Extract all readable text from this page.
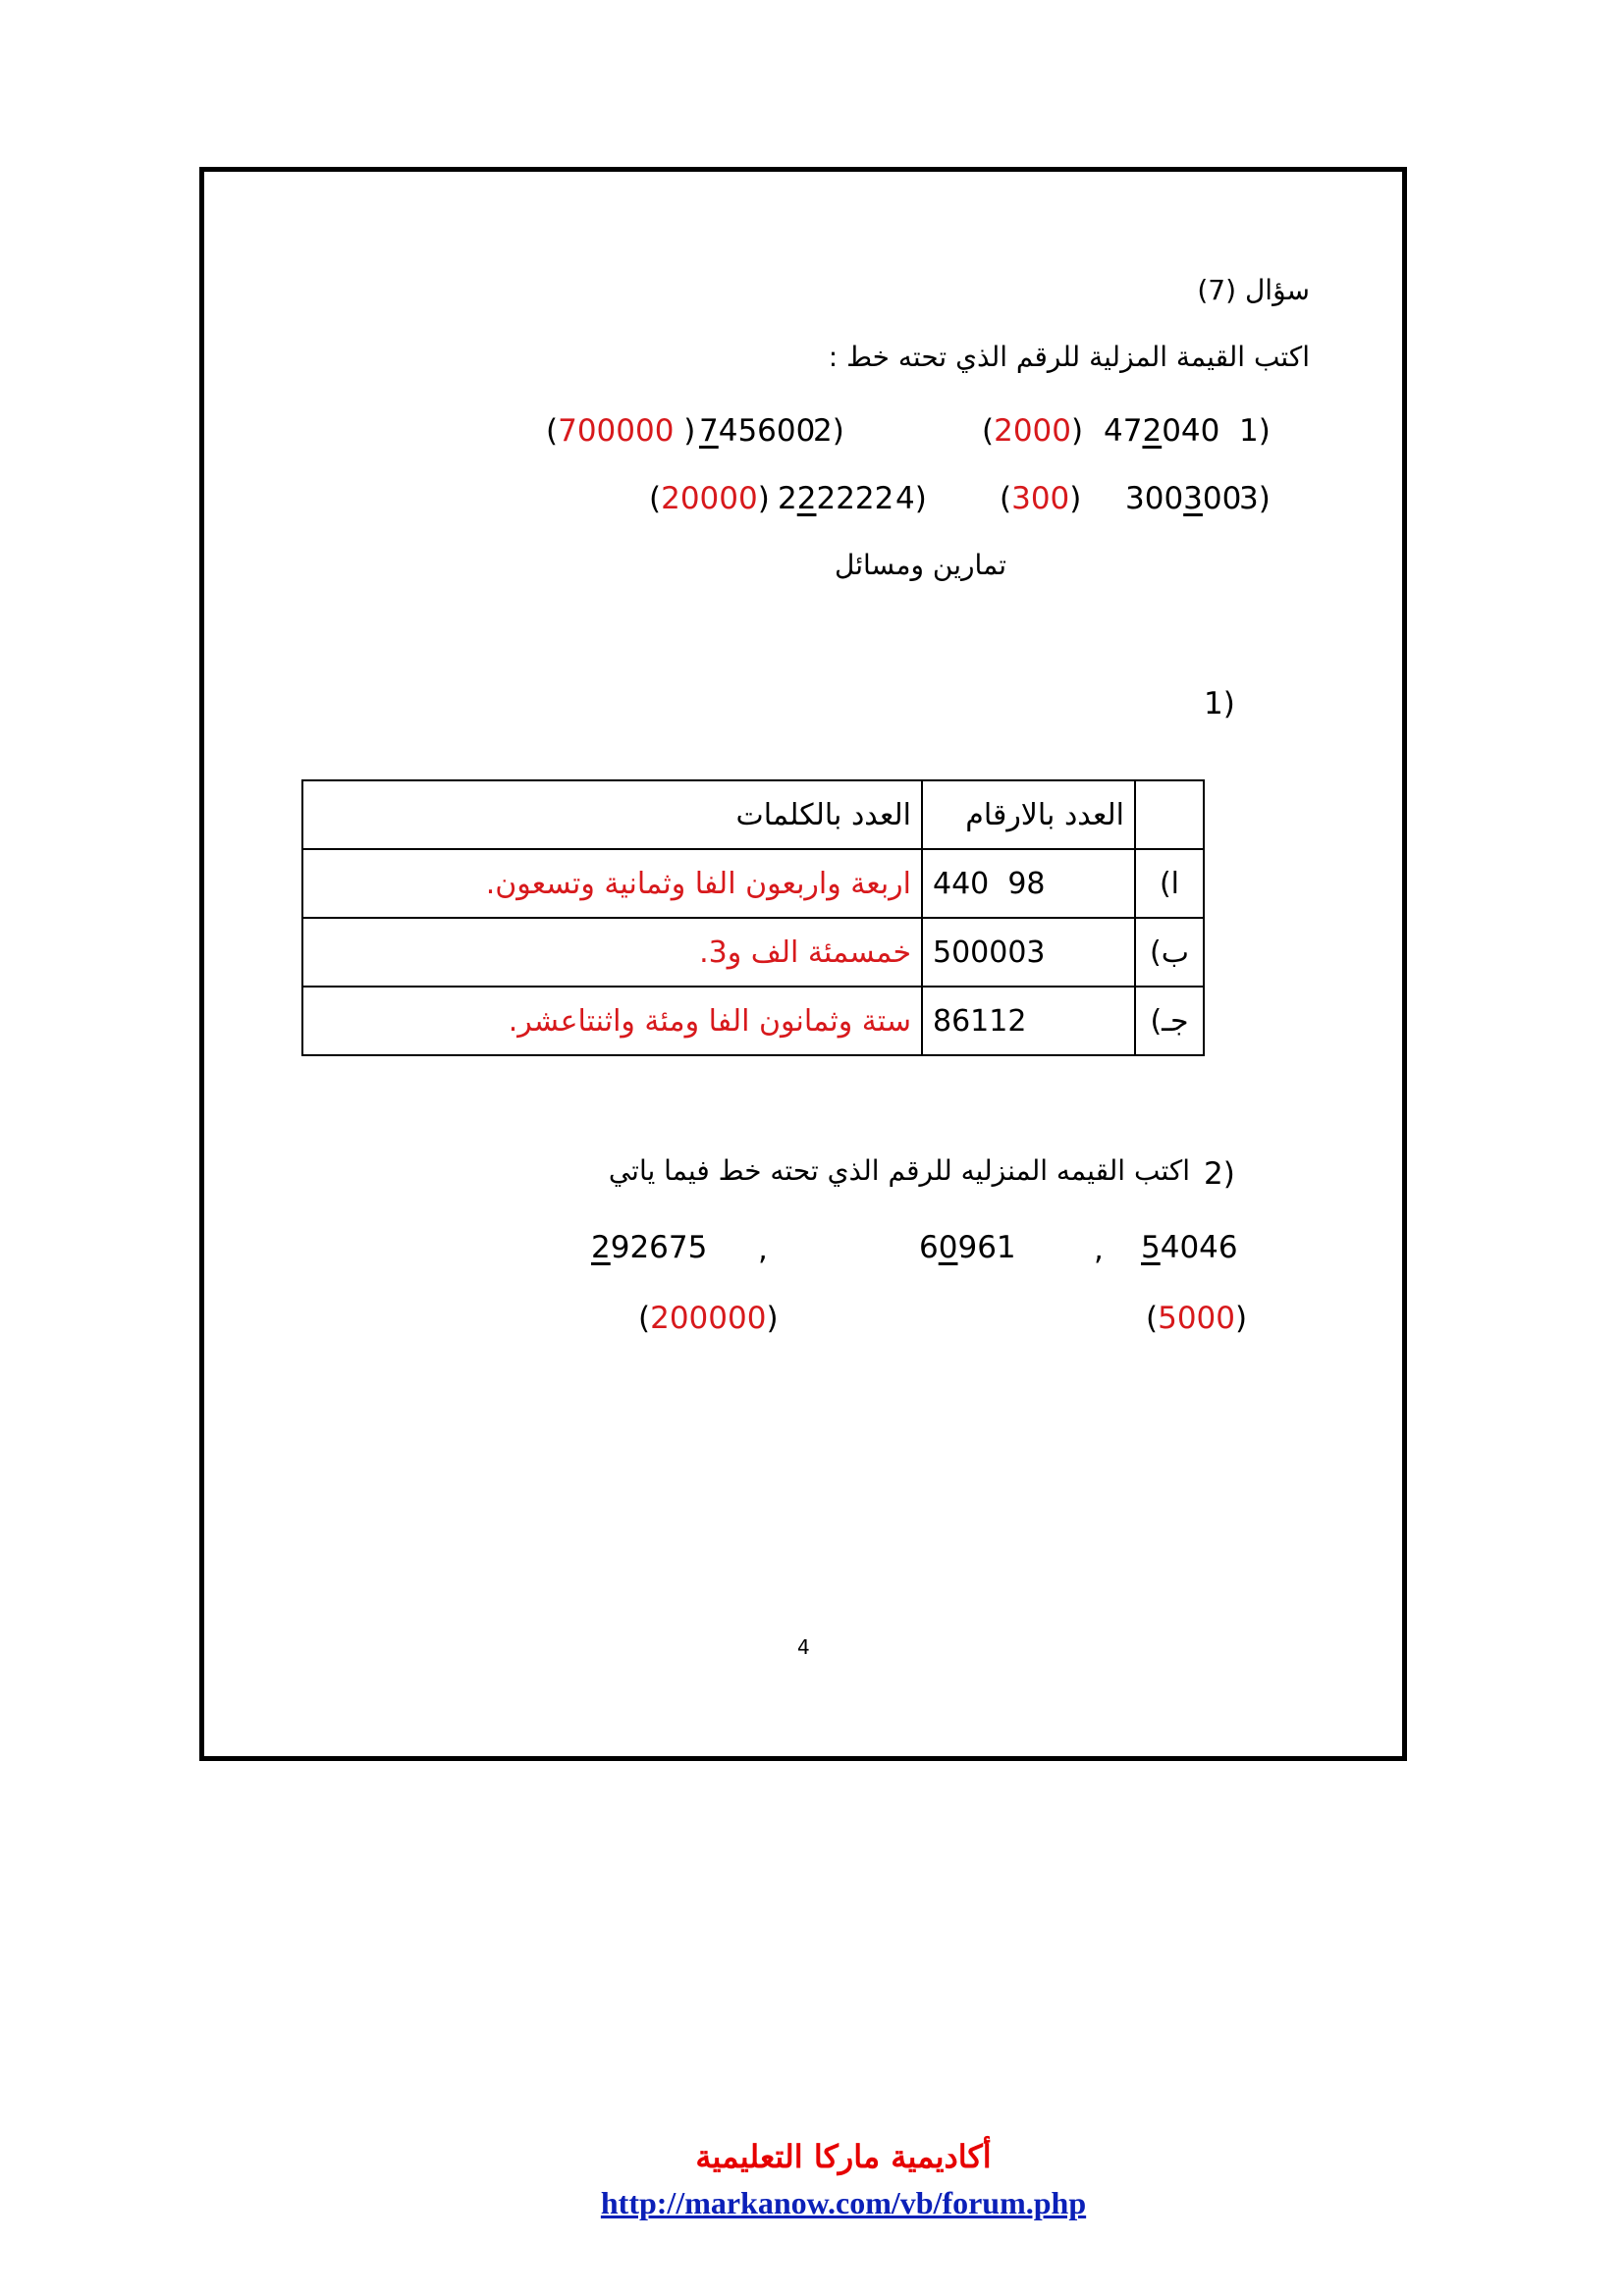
سؤال (7)
اكتب القيمة المزلية للرقم الذي تحته خط :
1)
472040
(2000)
2)
745600
(700000 )
3)
300300
(300)
4)
222222
(20000)
تمارين ومسائل
1)
	العدد بالارقام	العدد بالكلمات
ا)	440  98	اربعة واربعون الفا وثمانية وتسعون.
ب)	500003	خمسمئة الف و3.
جـ)	86112	ستة وثمانون الفا ومئة واثنتاعشر.
2)
اكتب القيمه المنزليه للرقم الذي تحته خط فيما ياتي
54046
,
60961
,
292675
(5000)
(200000)
4
أكاديمية ماركا التعليمية
http://markanow.com/vb/forum.php
